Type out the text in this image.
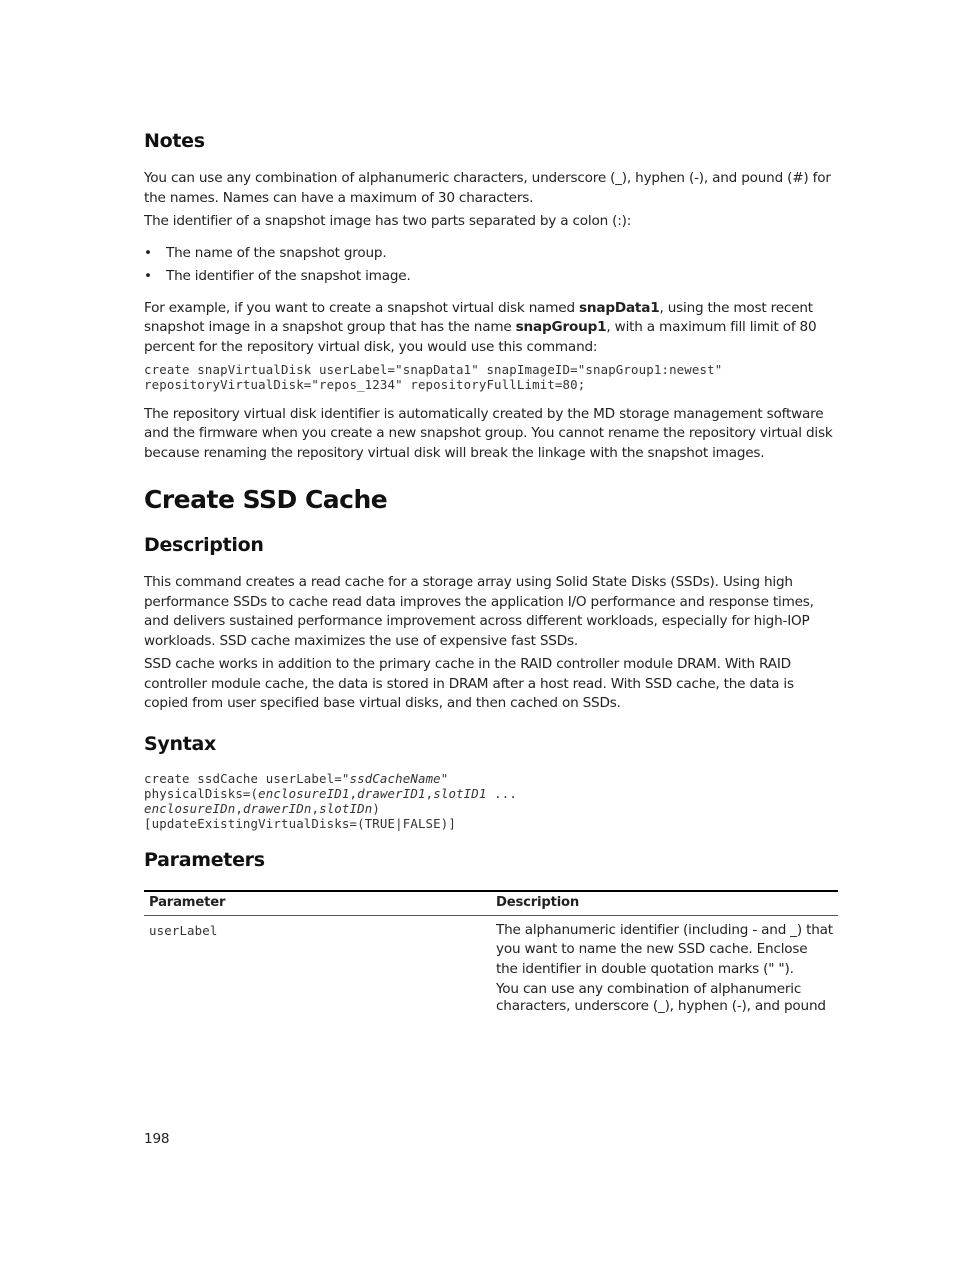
Notes

You can use any combination of alphanumeric characters, underscore (_), hyphen (-), and pound (#) for the names. Names can have a maximum of 30 characters.

The identifier of a snapshot image has two parts separated by a colon (:):

• The name of the snapshot group.
• The identifier of the snapshot image.

For example, if you want to create a snapshot virtual disk named snapData1, using the most recent snapshot image in a snapshot group that has the name snapGroup1, with a maximum fill limit of 80 percent for the repository virtual disk, you would use this command:

create snapVirtualDisk userLabel="snapData1" snapImageID="snapGroup1:newest"
repositoryVirtualDisk="repos_1234" repositoryFullLimit=80;

The repository virtual disk identifier is automatically created by the MD storage management software and the firmware when you create a new snapshot group. You cannot rename the repository virtual disk because renaming the repository virtual disk will break the linkage with the snapshot images.

Create SSD Cache
Description

This command creates a read cache for a storage array using Solid State Disks (SSDs). Using high performance SSDs to cache read data improves the application I/O performance and response times, and delivers sustained performance improvement across different workloads, especially for high-IOP workloads. SSD cache maximizes the use of expensive fast SSDs.

SSD cache works in addition to the primary cache in the RAID controller module DRAM. With RAID controller module cache, the data is stored in DRAM after a host read. With SSD cache, the data is copied from user specified base virtual disks, and then cached on SSDs.

Syntax
create ssdCache userLabel="ssdCacheName"
physicalDisks=(enclosureID1,drawerID1,slotID1 ...
enclosureIDn,drawerIDn,slotIDn)
[updateExistingVirtualDisks=(TRUE|FALSE)]
Parameters
Parameter	Description
userLabel	The alphanumeric identifier (including - and _) that you want to name the new SSD cache. Enclose the identifier in double quotation marks (" ").
You can use any combination of alphanumeric characters, underscore (_), hyphen (-), and pound
198
